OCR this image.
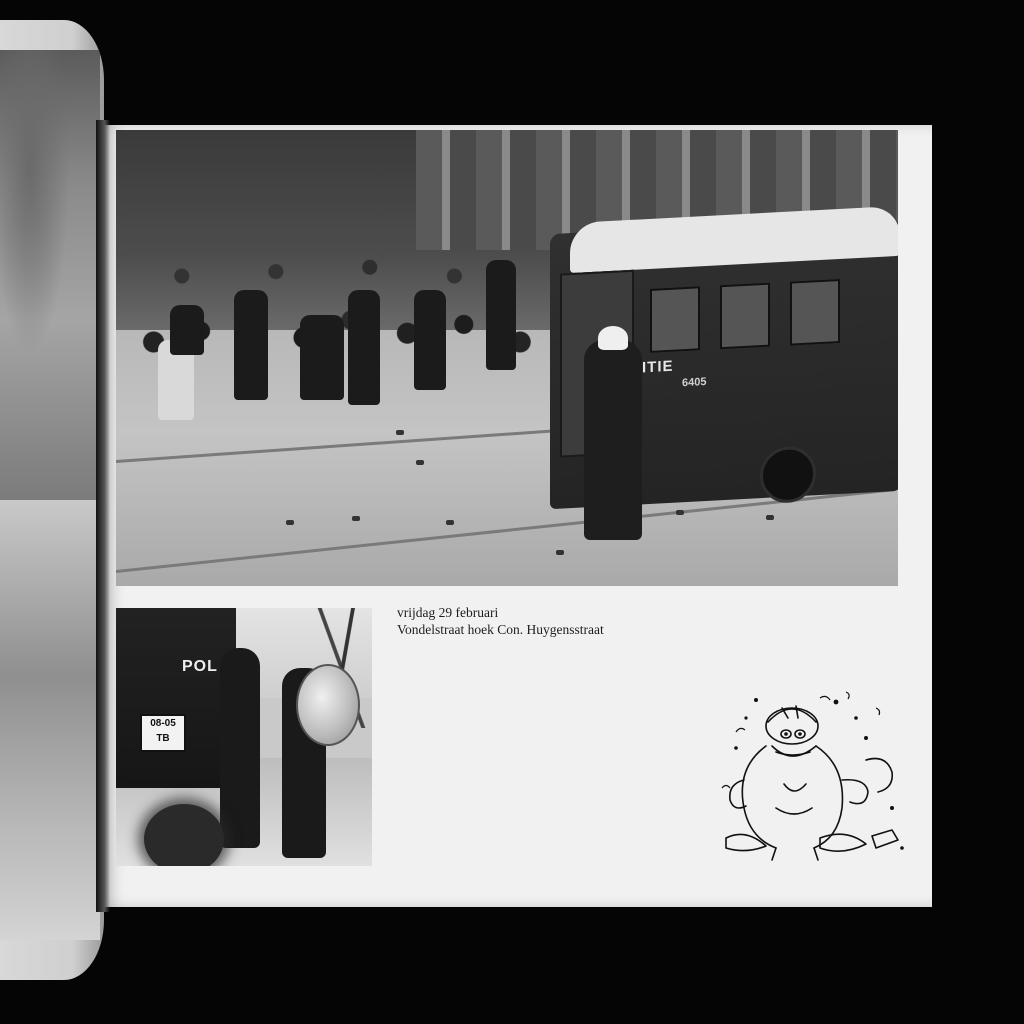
ITIE
6405
POL
08-05
TB
vrijdag 29 februari
Vondelstraat hoek Con. Huygensstraat
